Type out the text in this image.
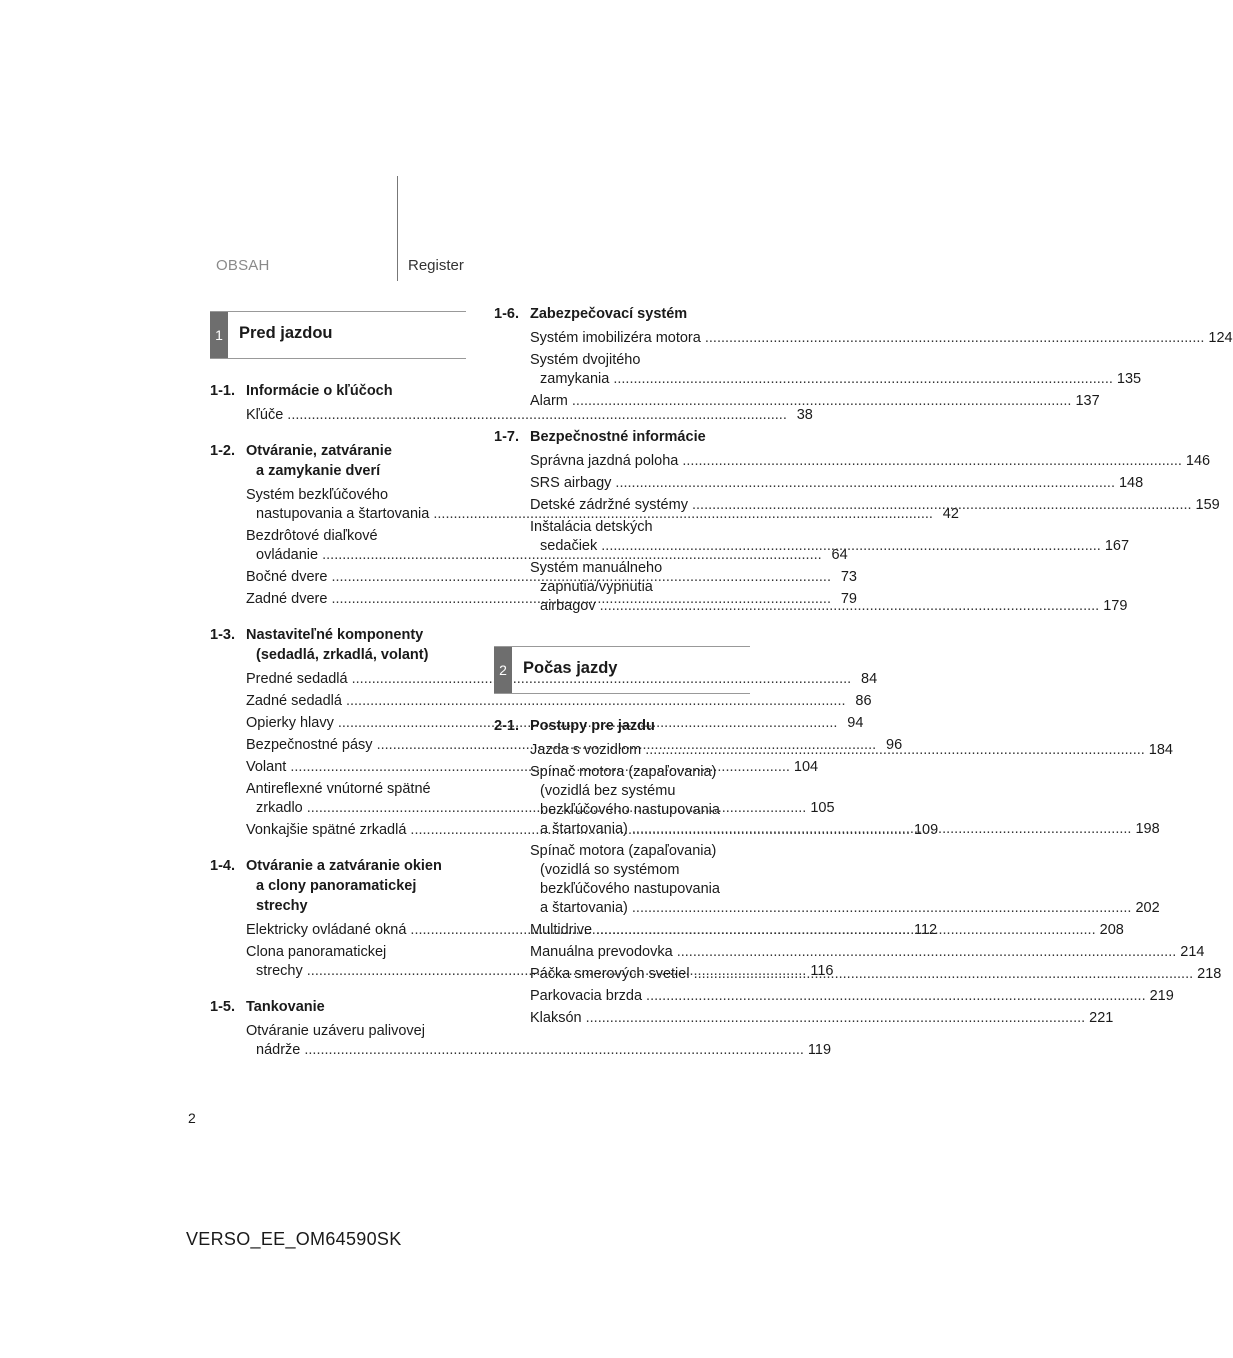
OBSAH	Register
1 Pred jazdou
1-1. Informácie o kľúčoch
Kľúče .....	38
1-2. Otváranie, zatváranie
a zamykanie dverí
Systém bezkľúčového
nastupovania a štartovania .....	42
Bezdrôtové diaľkové
ovládanie .....	64
Bočné dvere .....	73
Zadné dvere .....	79
1-3. Nastaviteľné komponenty
(sedadlá, zrkadlá, volant)
Predné sedadlá .....	84
Zadné sedadlá .....	86
Opierky hlavy .....	94
Bezpečnostné pásy .....	96
Volant .....	104
Antireflexné vnútorné spätné
zrkadlo .....	105
Vonkajšie spätné zrkadlá .....	109
1-4. Otváranie a zatváranie okien
a clony panoramatickej
strechy
Elektricky ovládané okná .....	112
Clona panoramatickej
strechy .....	116
1-5. Tankovanie
Otváranie uzáveru palivovej
nádrže .....	119
1-6. Zabezpečovací systém
Systém imobilizéra motora .....	124
Systém dvojitého
zamykania .....	135
Alarm .....	137
1-7. Bezpečnostné informácie
Správna jazdná poloha .....	146
SRS airbagy .....	148
Detské zádržné systémy .....	159
Inštalácia detských
sedačiek .....	167
Systém manuálneho
zapnutia/vypnutia
airbagov .....	179
2 Počas jazdy
2-1. Postupy pre jazdu
Jazda s vozidlom .....	184
Spínač motora (zapaľovania)
(vozidlá bez systému
bezkľúčového nastupovania
a štartovania) .....	198
Spínač motora (zapaľovania)
(vozidlá so systémom
bezkľúčového nastupovania
a štartovania) .....	202
Multidrive .....	208
Manuálna prevodovka .....	214
Páčka smerových svetiel .....	218
Parkovacia brzda .....	219
Klaksón .....	221
2
VERSO_EE_OM64590SK
